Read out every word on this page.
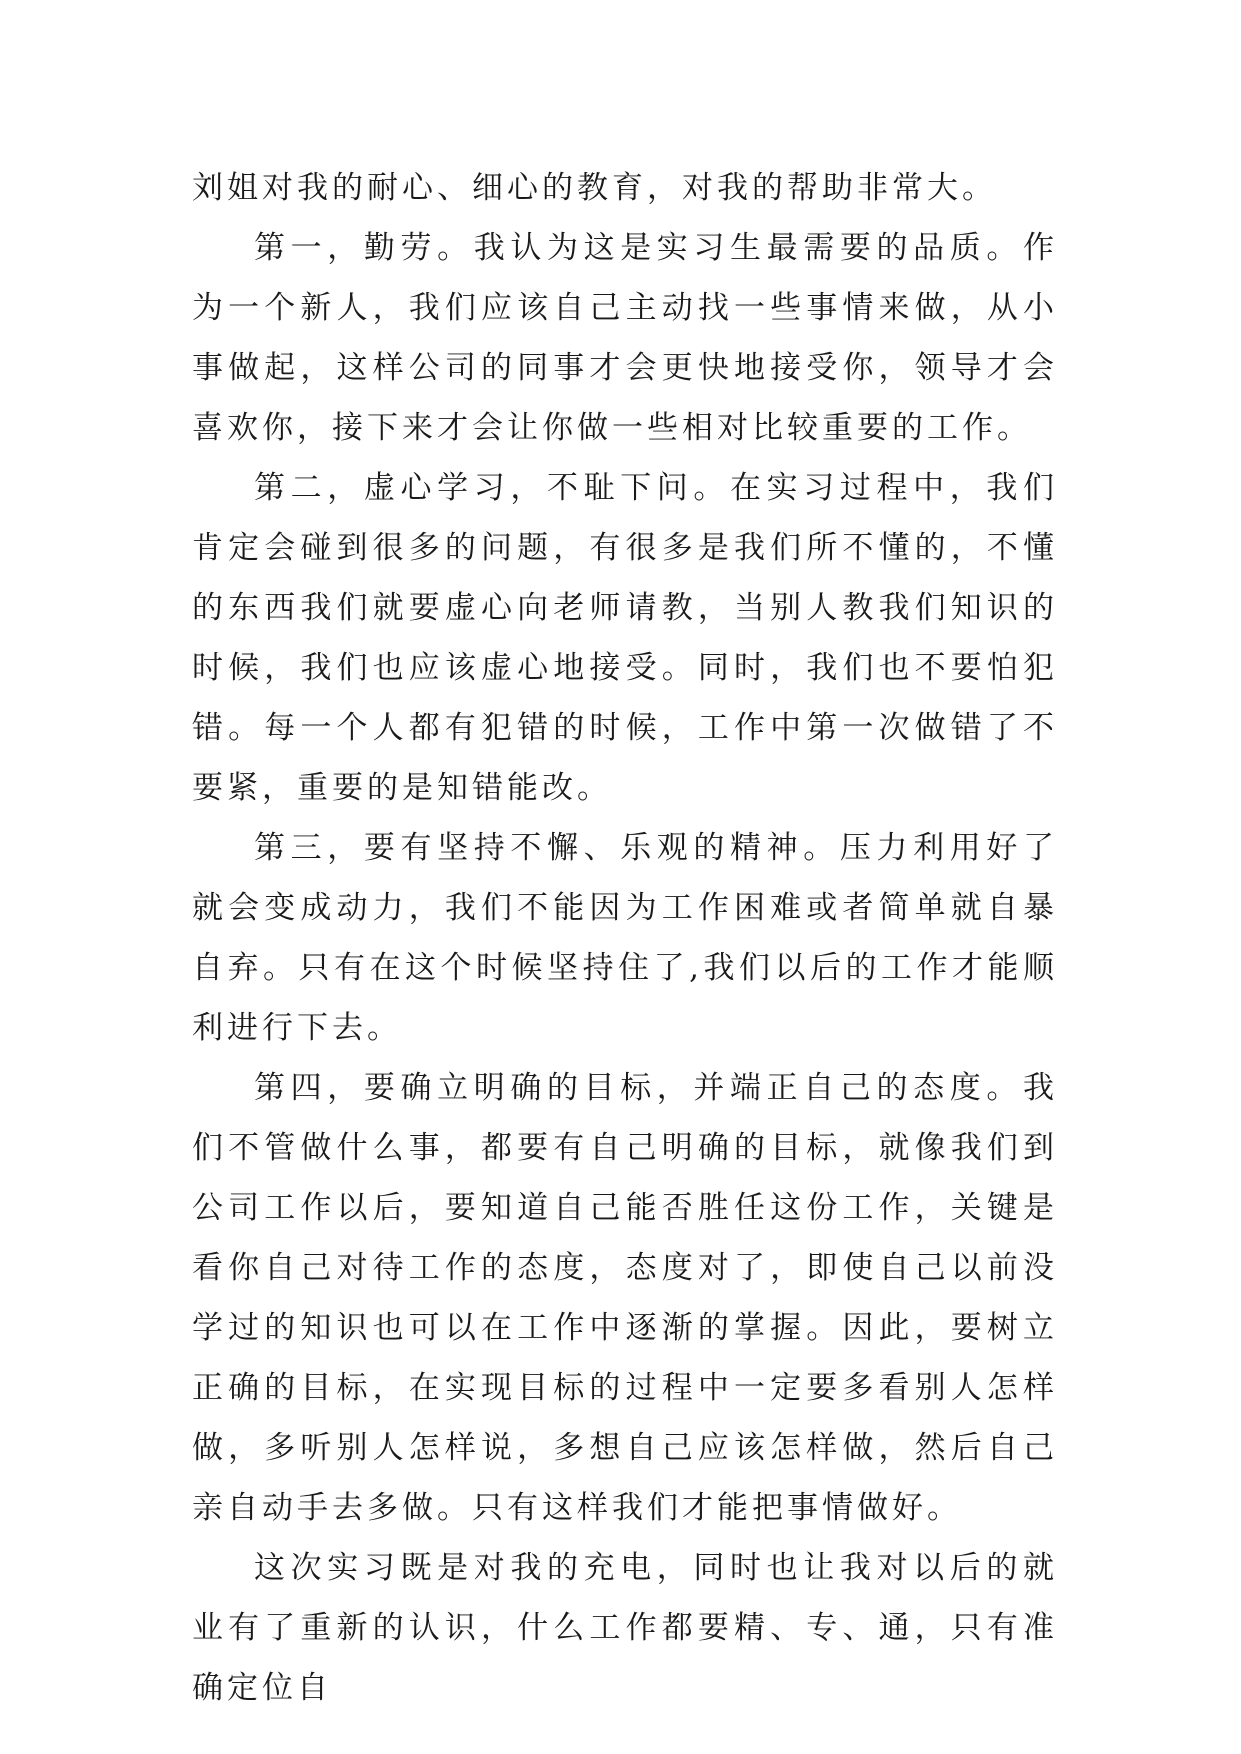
刘姐对我的耐心、细心的教育，对我的帮助非常大。

第一，勤劳。我认为这是实习生最需要的品质。作为一个新人，我们应该自己主动找一些事情来做，从小事做起，这样公司的同事才会更快地接受你，领导才会喜欢你，接下来才会让你做一些相对比较重要的工作。

第二，虚心学习，不耻下问。在实习过程中，我们肯定会碰到很多的问题，有很多是我们所不懂的，不懂的东西我们就要虚心向老师请教，当别人教我们知识的时候，我们也应该虚心地接受。同时，我们也不要怕犯错。每一个人都有犯错的时候，工作中第一次做错了不要紧，重要的是知错能改。

第三，要有坚持不懈、乐观的精神。压力利用好了就会变成动力，我们不能因为工作困难或者简单就自暴自弃。只有在这个时候坚持住了,我们以后的工作才能顺利进行下去。

第四，要确立明确的目标，并端正自己的态度。我们不管做什么事，都要有自己明确的目标，就像我们到公司工作以后，要知道自己能否胜任这份工作，关键是看你自己对待工作的态度，态度对了，即使自己以前没学过的知识也可以在工作中逐渐的掌握。因此，要树立正确的目标，在实现目标的过程中一定要多看别人怎样做，多听别人怎样说，多想自己应该怎样做，然后自己亲自动手去多做。只有这样我们才能把事情做好。

这次实习既是对我的充电，同时也让我对以后的就业有了重新的认识，什么工作都要精、专、通，只有准确定位自
